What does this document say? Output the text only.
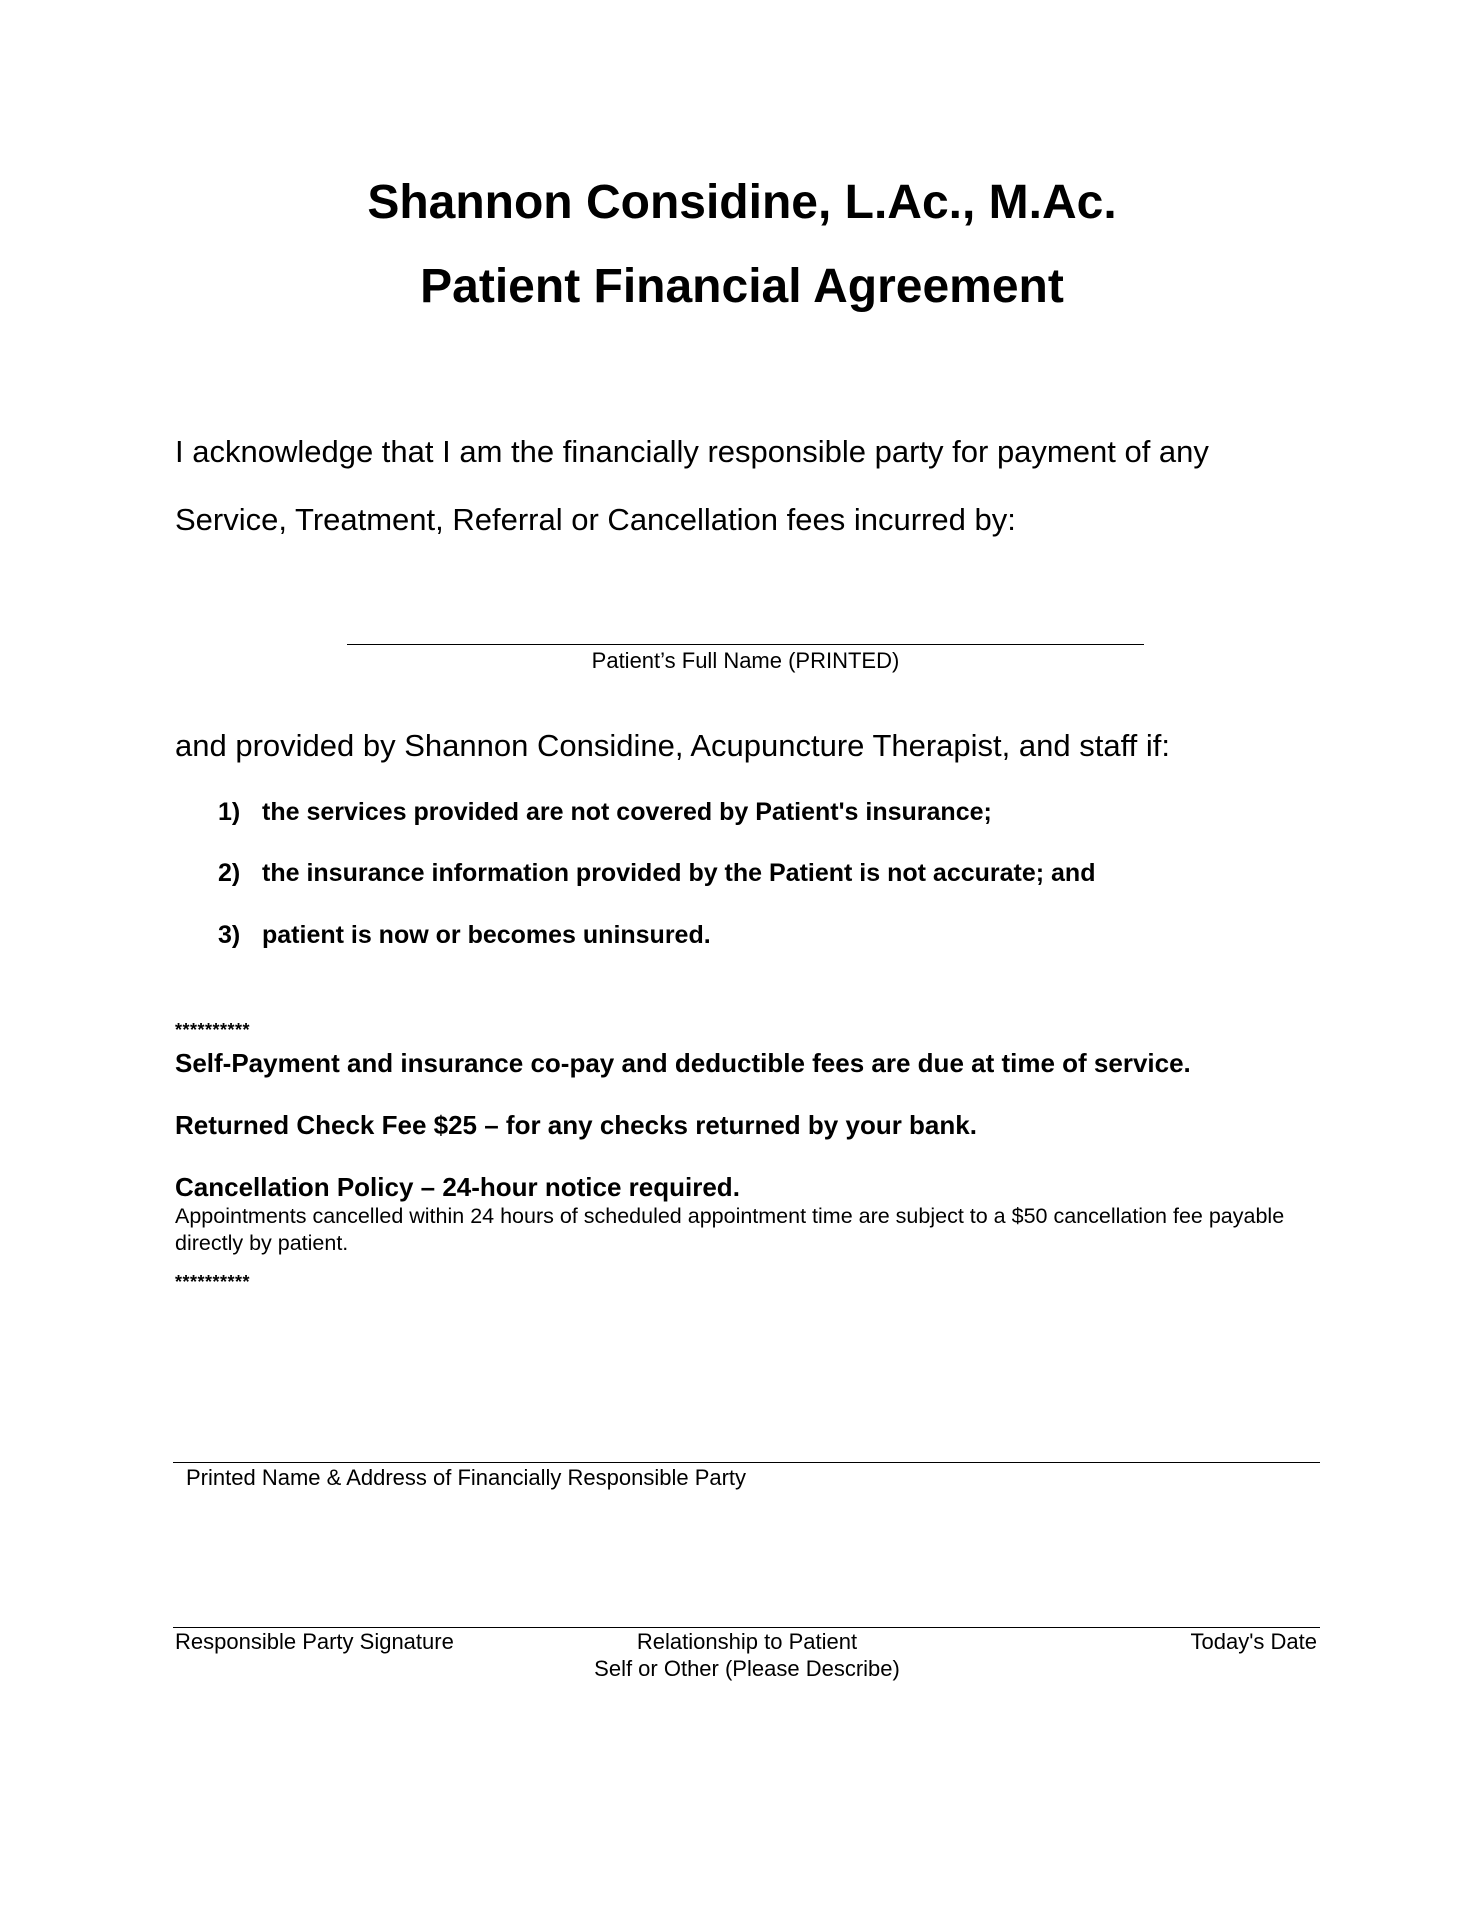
Shannon Considine, L.Ac., M.Ac.
Patient Financial Agreement
I acknowledge that I am the financially responsible party for payment of any
Service, Treatment, Referral or Cancellation fees incurred by:
Patient’s Full Name (PRINTED)
and provided by Shannon Considine, Acupuncture Therapist, and staff if:
1) the services provided are not covered by Patient's insurance;
2) the insurance information provided by the Patient is not accurate; and
3) patient is now or becomes uninsured.
**********
Self-Payment and insurance co-pay and deductible fees are due at time of service.
Returned Check Fee $25 – for any checks returned by your bank.
Cancellation Policy – 24-hour notice required.
Appointments cancelled within 24 hours of scheduled appointment time are subject to a $50 cancellation fee payable directly by patient.
**********
Printed Name & Address of Financially Responsible Party
Responsible Party Signature	Relationship to Patient
Self or Other (Please Describe)
Today's Date
